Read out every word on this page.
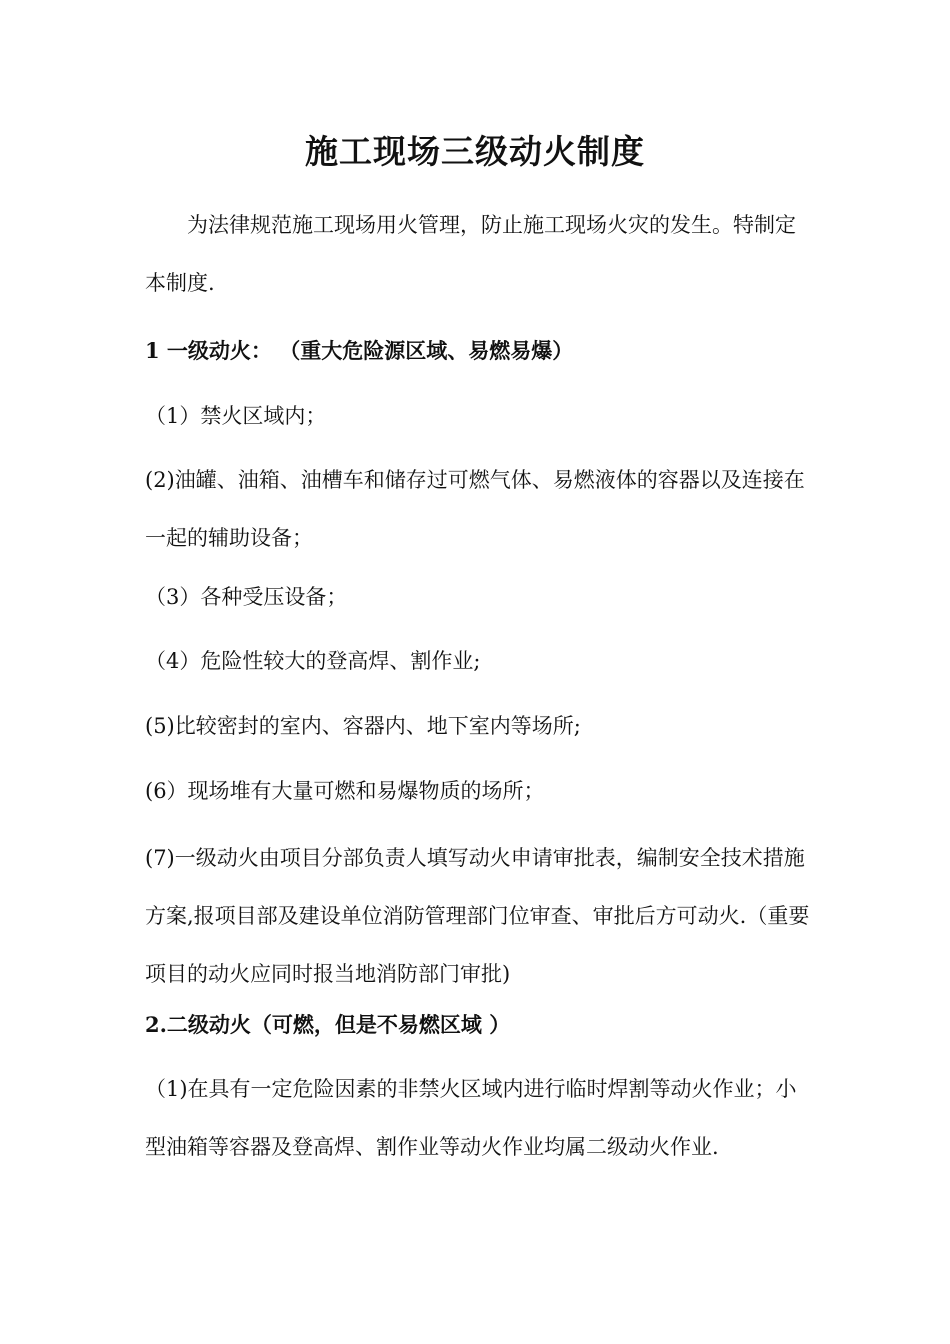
施工现场三级动火制度

为法律规范施工现场用火管理，防止施工现场火灾的发生。特制定本制度.

1 一级动火： （重大危险源区域、易燃易爆）

（1）禁火区域内；

(2)油罐、油箱、油槽车和储存过可燃气体、易燃液体的容器以及连接在一起的辅助设备；

（3）各种受压设备；

（4）危险性较大的登高焊、割作业;

(5)比较密封的室内、容器内、地下室内等场所;

(6）现场堆有大量可燃和易爆物质的场所；

(7)一级动火由项目分部负责人填写动火申请审批表，编制安全技术措施方案,报项目部及建设单位消防管理部门位审查、审批后方可动火.（重要项目的动火应同时报当地消防部门审批)

2.二级动火（可燃，但是不易燃区域 ）

（1)在具有一定危险因素的非禁火区域内进行临时焊割等动火作业；小型油箱等容器及登高焊、割作业等动火作业均属二级动火作业.
